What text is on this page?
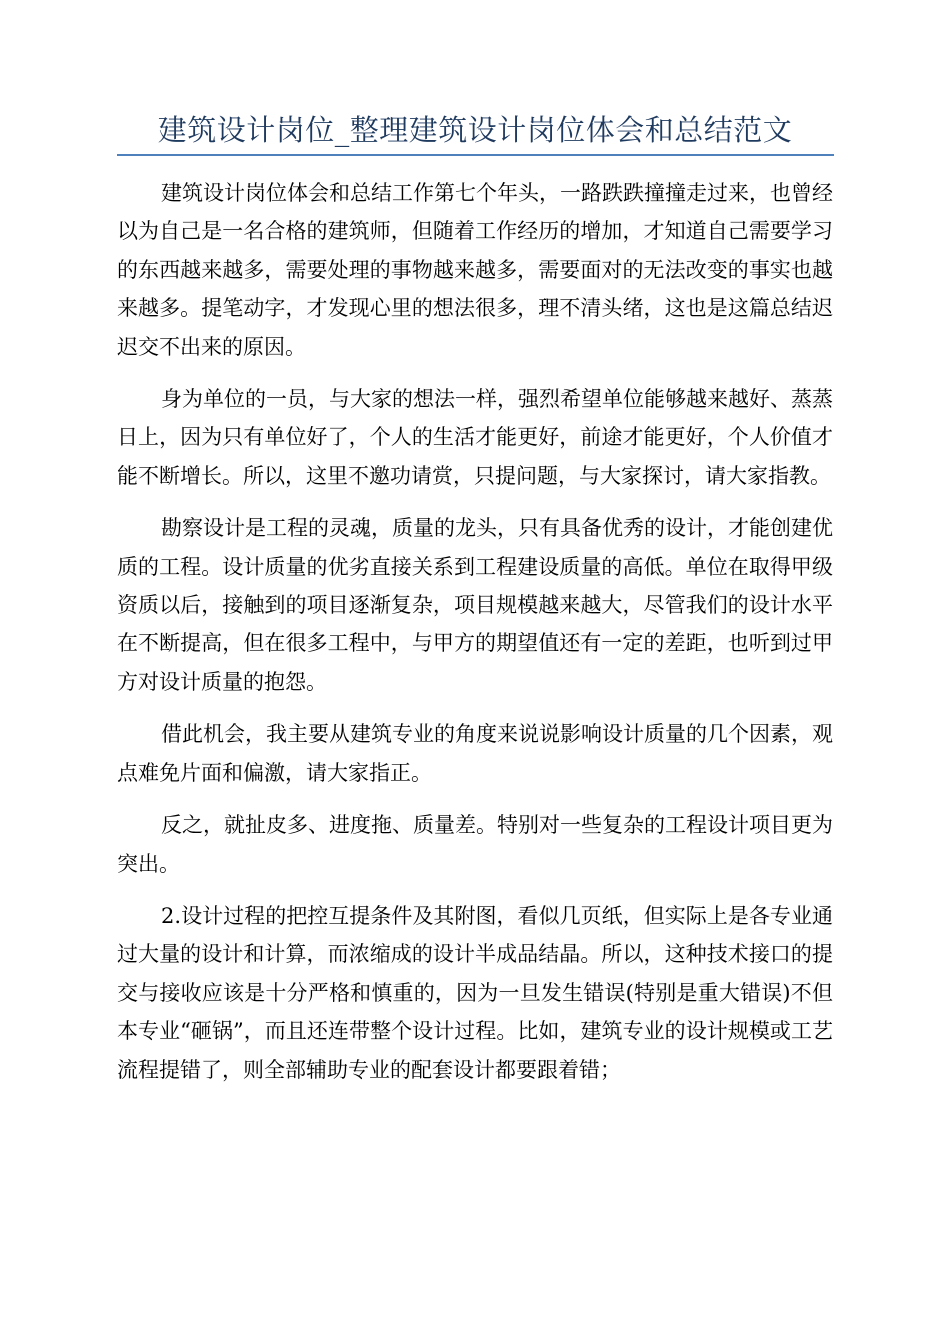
建筑设计岗位_整理建筑设计岗位体会和总结范文

建筑设计岗位体会和总结工作第七个年头，一路跌跌撞撞走过来，也曾经以为自己是一名合格的建筑师，但随着工作经历的增加，才知道自己需要学习的东西越来越多，需要处理的事物越来越多，需要面对的无法改变的事实也越来越多。提笔动字，才发现心里的想法很多，理不清头绪，这也是这篇总结迟迟交不出来的原因。

身为单位的一员，与大家的想法一样，强烈希望单位能够越来越好、蒸蒸日上，因为只有单位好了，个人的生活才能更好，前途才能更好，个人价值才能不断增长。所以，这里不邀功请赏，只提问题，与大家探讨，请大家指教。

勘察设计是工程的灵魂，质量的龙头，只有具备优秀的设计，才能创建优质的工程。设计质量的优劣直接关系到工程建设质量的高低。单位在取得甲级资质以后，接触到的项目逐渐复杂，项目规模越来越大，尽管我们的设计水平在不断提高，但在很多工程中，与甲方的期望值还有一定的差距，也听到过甲方对设计质量的抱怨。

借此机会，我主要从建筑专业的角度来说说影响设计质量的几个因素，观点难免片面和偏激，请大家指正。

反之，就扯皮多、进度拖、质量差。特别对一些复杂的工程设计项目更为突出。

2.设计过程的把控互提条件及其附图，看似几页纸，但实际上是各专业通过大量的设计和计算，而浓缩成的设计半成品结晶。所以，这种技术接口的提交与接收应该是十分严格和慎重的，因为一旦发生错误(特别是重大错误)不但本专业“砸锅”，而且还连带整个设计过程。比如，建筑专业的设计规模或工艺流程提错了，则全部辅助专业的配套设计都要跟着错；
